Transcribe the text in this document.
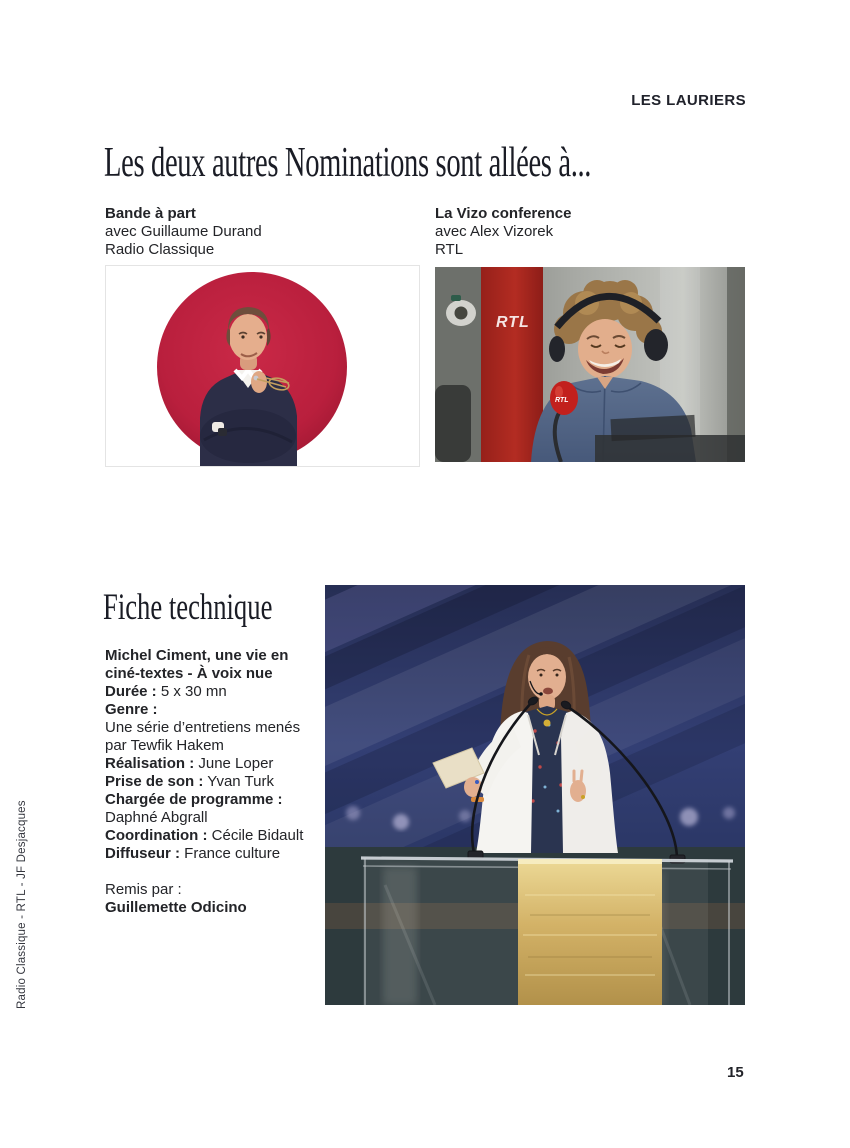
LES LAURIERS
Les deux autres Nominations sont allées à...
Bande à part
avec Guillaume Durand
Radio Classique
La Vizo conference
avec Alex Vizorek
RTL
RTL
RTL
Fiche technique
Michel Ciment, une vie en
ciné-textes - À voix nue
Durée : 5 x 30 mn
Genre :
Une série d’entretiens menés
par Tewfik Hakem
Réalisation : June Loper
Prise de son : Yvan Turk
Chargée de programme :
Daphné Abgrall
Coordination : Cécile Bidault
Diffuseur : France culture
Remis par :
Guillemette Odicino
Radio Classique - RTL - JF Desjacques
15
